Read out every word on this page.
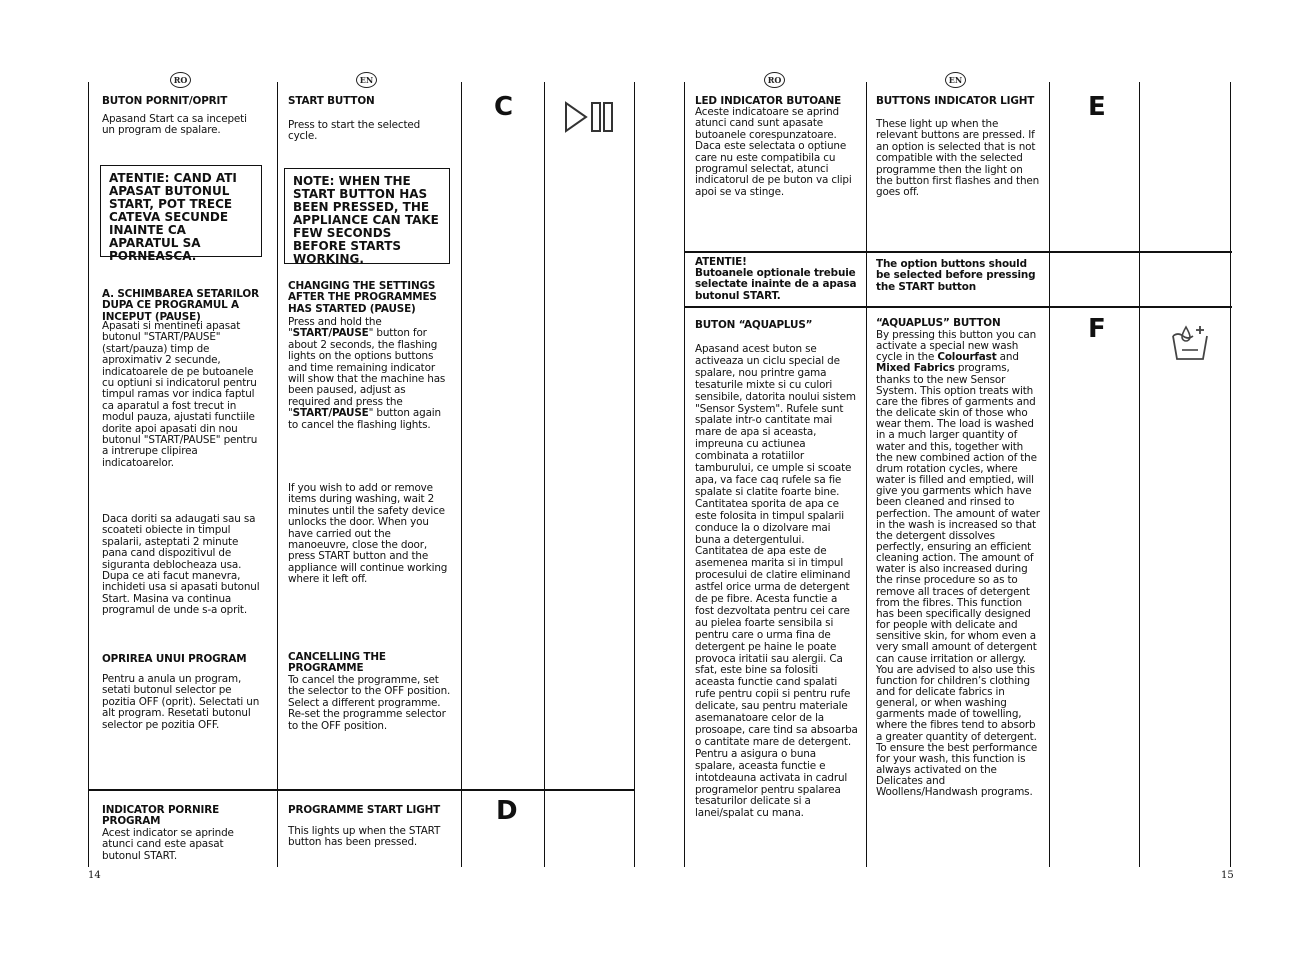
RO	EN
BUTON PORNIT/OPRIT

Apasand Start ca sa incepeti un program de spalare.

ATENTIE: CAND ATI APASAT BUTONUL START, POT TRECE CATEVA SECUNDE INAINTE CA APARATUL SA PORNEASCA.
START BUTTON

Press to start the selected cycle.

NOTE: WHEN THE START BUTTON HAS BEEN PRESSED, THE APPLIANCE CAN TAKE FEW SECONDS BEFORE STARTS WORKING.
C
A. SCHIMBAREA SETARILOR DUPA CE PROGRAMUL A INCEPUT (PAUSE)

Apasati si mentineti apasat butonul "START/PAUSE" (start/pauza) timp de aproximativ 2 secunde, indicatoarele de pe butoanele cu optiuni si indicatorul pentru timpul ramas vor indica faptul ca aparatul a fost trecut in modul pauza, ajustati functiile dorite apoi apasati din nou butonul "START/PAUSE" pentru a intrerupe clipirea indicatoarelor.

Daca doriti sa adaugati sau sa scoateti obiecte in timpul spalarii, asteptati 2 minute pana cand dispozitivul de siguranta deblocheaza usa. Dupa ce ati facut manevra, inchideti usa si apasati butonul Start. Masina va continua programul de unde s-a oprit.

CHANGING THE SETTINGS AFTER THE PROGRAMMES HAS STARTED (PAUSE)

Press and hold the "START/PAUSE" button for about 2 seconds, the flashing lights on the options buttons and time remaining indicator will show that the machine has been paused, adjust as required and press the "START/PAUSE" button again to cancel the flashing lights.

If you wish to add or remove items during washing, wait 2 minutes until the safety device unlocks the door. When you have carried out the manoeuvre, close the door, press START button and the appliance will continue working where it left off.

OPRIREA UNUI PROGRAM

Pentru a anula un program, setati butonul selector pe pozitia OFF (oprit). Selectati un alt program. Resetati butonul selector pe pozitia OFF.

CANCELLING THE PROGRAMME

To cancel the programme, set the selector to the OFF position. Select a different programme. Re-set the programme selector to the OFF position.

INDICATOR PORNIRE PROGRAM

Acest indicator se aprinde atunci cand este apasat butonul START.

PROGRAMME START LIGHT

This lights up when the START button has been pressed.

D
14
RO	EN
LED INDICATOR BUTOANE

Aceste indicatoare se aprind atunci cand sunt apasate butoanele corespunzatoare. Daca este selectata o optiune care nu este compatibila cu programul selectat, atunci indicatorul de pe buton va clipi apoi se va stinge.

BUTTONS INDICATOR LIGHT

These light up when the relevant buttons are pressed. If an option is selected that is not compatible with the selected programme then the light on the button first flashes and then goes off.

E
ATENTIE!

Butoanele optionale trebuie selectate inainte de a apasa butonul START.

The option buttons should be selected before pressing the START button

BUTON “AQUAPLUS”

Apasand acest buton se activeaza un ciclu special de spalare, nou printre gama tesaturile mixte si cu culori sensibile, datorita noului sistem "Sensor System". Rufele sunt spalate intr-o cantitate mai mare de apa si aceasta, impreuna cu actiunea combinata a rotatiilor tamburului, ce umple si scoate apa, va face caq rufele sa fie spalate si clatite foarte bine. Cantitatea sporita de apa ce este folosita in timpul spalarii conduce la o dizolvare mai buna a detergentului. Cantitatea de apa este de asemenea marita si in timpul procesului de clatire eliminand astfel orice urma de detergent de pe fibre. Acesta functie a fost dezvoltata pentru cei care au pielea foarte sensibila si pentru care o urma fina de detergent pe haine le poate provoca iritatii sau alergii. Ca sfat, este bine sa folositi aceasta functie cand spalati rufe pentru copii si pentru rufe delicate, sau pentru materiale asemanatoare celor de la prosoape, care tind sa absoarba o cantitate mare de detergent. Pentru a asigura o buna spalare, aceasta functie e intotdeauna activata in cadrul programelor pentru spalarea tesaturilor delicate si a lanei/spalat cu mana.

“AQUAPLUS” BUTTON

By pressing this button you can activate a special new wash cycle in the Colourfast and Mixed Fabrics programs, thanks to the new Sensor System. This option treats with care the fibres of garments and the delicate skin of those who wear them. The load is washed in a much larger quantity of water and this, together with the new combined action of the drum rotation cycles, where water is filled and emptied, will give you garments which have been cleaned and rinsed to perfection. The amount of water in the wash is increased so that the detergent dissolves perfectly, ensuring an efficient cleaning action. The amount of water is also increased during the rinse procedure so as to remove all traces of detergent from the fibres. This function has been specifically designed for people with delicate and sensitive skin, for whom even a very small amount of detergent can cause irritation or allergy. You are advised to also use this function for children’s clothing and for delicate fabrics in general, or when washing garments made of towelling, where the fibres tend to absorb a greater quantity of detergent. To ensure the best performance for your wash, this function is always activated on the Delicates and Woollens/Handwash programs.

F
15
